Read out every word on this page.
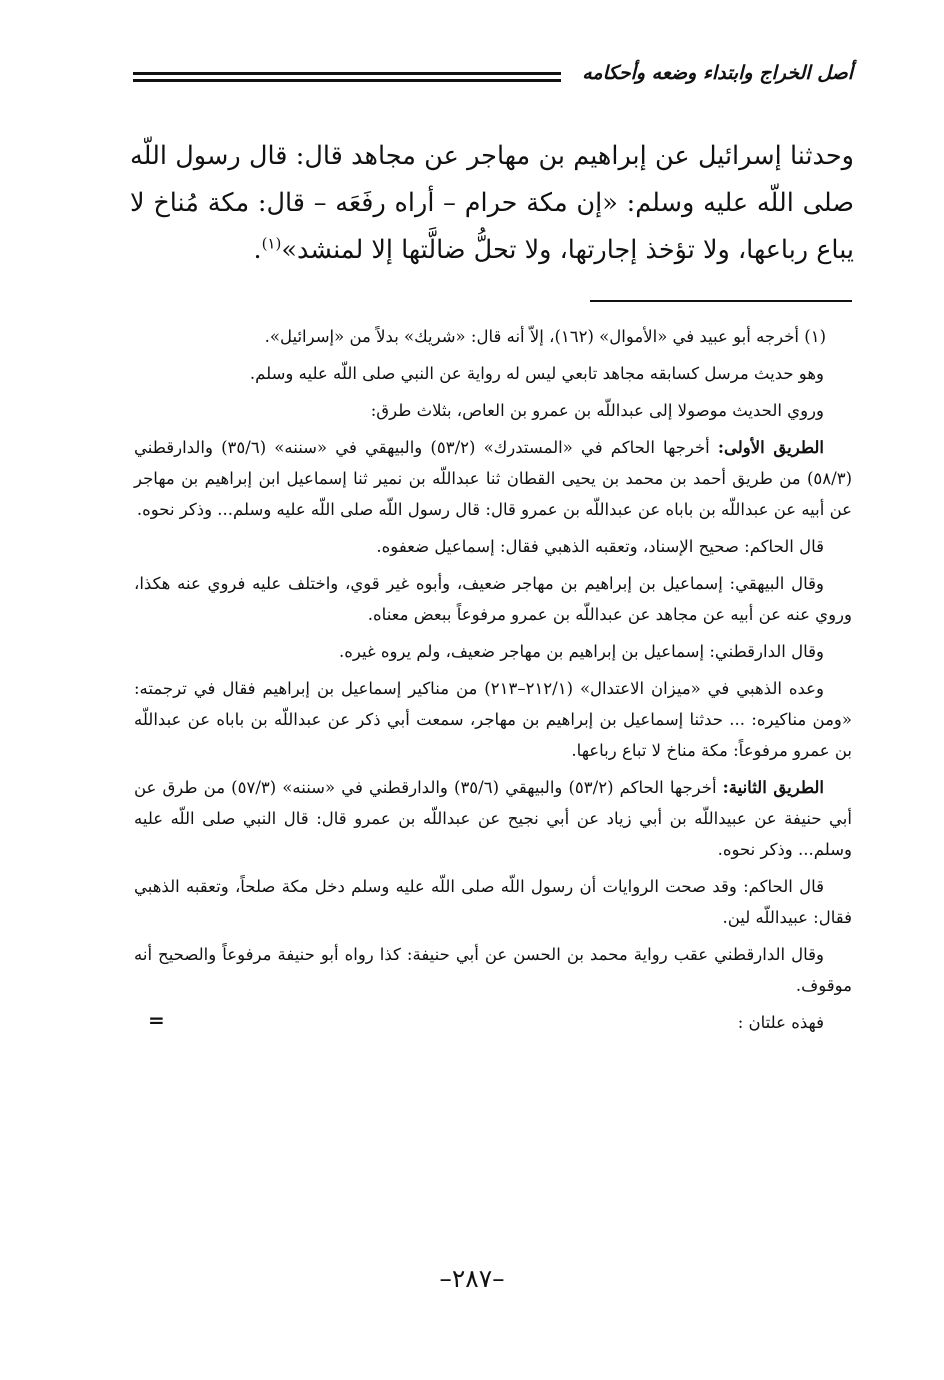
أصل الخراج وابتداء وضعه وأحكامه

وحدثنا إسرائيل عن إبراهيم بن مهاجر عن مجاهد قال: قال رسول اللّه صلى اللّه عليه وسلم: «إن مكة حرام – أراه رفَعَه – قال: مكة مُناخ لا يباع رباعها، ولا تؤخذ إجارتها، ولا تحلُّ ضالَّتها إلا لمنشد»$^{(١)}$.

(١) أخرجه أبو عبيد في «الأموال» (١٦٢)، إلاّ أنه قال: «شريك» بدلاً من «إسرائيل».

وهو حديث مرسل كسابقه مجاهد تابعي ليس له رواية عن النبي صلى اللّه عليه وسلم.

وروي الحديث موصولا إلى عبداللّه بن عمرو بن العاص، بثلاث طرق:

الطريق الأولى: أخرجها الحاكم في «المستدرك» (٥٣/٢) والبيهقي في «سننه» (٣٥/٦) والدارقطني (٥٨/٣) من طريق أحمد بن محمد بن يحيى القطان ثنا عبداللّه بن نمير ثنا إسماعيل ابن إبراهيم بن مهاجر عن أبيه عن عبداللّه بن باباه عن عبداللّه بن عمرو قال: قال رسول اللّه صلى اللّه عليه وسلم... وذكر نحوه.

قال الحاكم: صحيح الإسناد، وتعقبه الذهبي فقال: إسماعيل ضعفوه.

وقال البيهقي: إسماعيل بن إبراهيم بن مهاجر ضعيف، وأبوه غير قوي، واختلف عليه فروي عنه هكذا، وروي عنه عن أبيه عن مجاهد عن عبداللّه بن عمرو مرفوعاً ببعض معناه.

وقال الدارقطني: إسماعيل بن إبراهيم بن مهاجر ضعيف، ولم يروه غيره.

وعده الذهبي في «ميزان الاعتدال» (٢١٢/١–٢١٣) من مناكير إسماعيل بن إبراهيم فقال في ترجمته: «ومن مناكيره: ... حدثنا إسماعيل بن إبراهيم بن مهاجر، سمعت أبي ذكر عن عبداللّه بن باباه عن عبداللّه بن عمرو مرفوعاً: مكة مناخ لا تباع رباعها.

الطريق الثانية: أخرجها الحاكم (٥٣/٢) والبيهقي (٣٥/٦) والدارقطني في «سننه» (٥٧/٣) من طرق عن أبي حنيفة عن عبيداللّه بن أبي زياد عن أبي نجيح عن عبداللّه بن عمرو قال: قال النبي صلى اللّه عليه وسلم... وذكر نحوه.

قال الحاكم: وقد صحت الروايات أن رسول اللّه صلى اللّه عليه وسلم دخل مكة صلحاً، وتعقبه الذهبي فقال: عبيداللّه لين.

وقال الدارقطني عقب رواية محمد بن الحسن عن أبي حنيفة: كذا رواه أبو حنيفة مرفوعاً والصحيح أنه موقوف.

فهذه علتان :
=
–٢٨٧–
